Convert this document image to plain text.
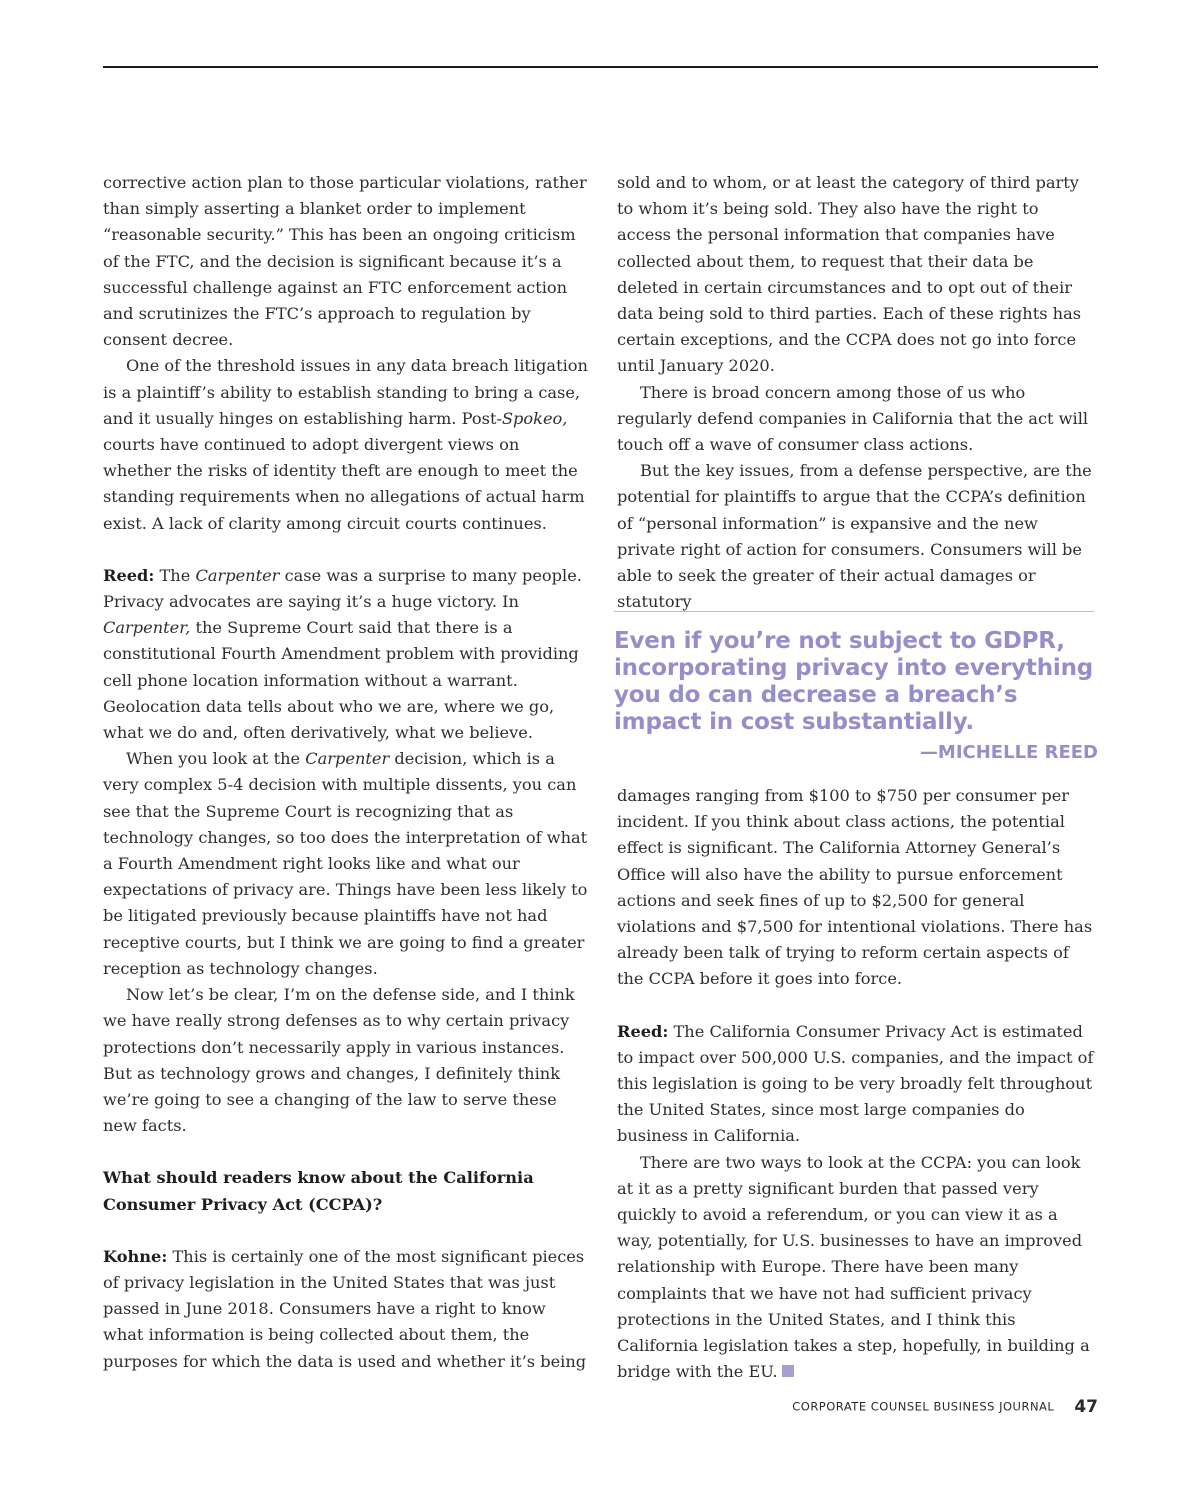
corrective action plan to those particular violations, rather than simply asserting a blanket order to implement “reasonable security.” This has been an ongoing criticism of the FTC, and the decision is significant because it’s a successful challenge against an FTC enforcement action and scrutinizes the FTC’s approach to regulation by consent decree.

One of the threshold issues in any data breach litigation is a plaintiff’s ability to establish standing to bring a case, and it usually hinges on establishing harm. Post-Spokeo, courts have continued to adopt divergent views on whether the risks of identity theft are enough to meet the standing requirements when no allegations of actual harm exist. A lack of clarity among circuit courts continues.

Reed: The Carpenter case was a surprise to many people. Privacy advocates are saying it’s a huge victory. In Carpenter, the Supreme Court said that there is a constitutional Fourth Amendment problem with providing cell phone location information without a warrant. Geolocation data tells about who we are, where we go, what we do and, often derivatively, what we believe.

When you look at the Carpenter decision, which is a very complex 5-4 decision with multiple dissents, you can see that the Supreme Court is recognizing that as technology changes, so too does the interpretation of what a Fourth Amendment right looks like and what our expectations of privacy are. Things have been less likely to be litigated previously because plaintiffs have not had receptive courts, but I think we are going to find a greater reception as technology changes.

Now let’s be clear, I’m on the defense side, and I think we have really strong defenses as to why certain privacy protections don’t necessarily apply in various instances. But as technology grows and changes, I definitely think we’re going to see a changing of the law to serve these new facts.

What should readers know about the California Consumer Privacy Act (CCPA)?

Kohne: This is certainly one of the most significant pieces of privacy legislation in the United States that was just passed in June 2018. Consumers have a right to know what information is being collected about them, the purposes for which the data is used and whether it’s being

sold and to whom, or at least the category of third party to whom it’s being sold. They also have the right to access the personal information that companies have collected about them, to request that their data be deleted in certain circumstances and to opt out of their data being sold to third parties. Each of these rights has certain exceptions, and the CCPA does not go into force until January 2020.

There is broad concern among those of us who regularly defend companies in California that the act will touch off a wave of consumer class actions.

But the key issues, from a defense perspective, are the potential for plaintiffs to argue that the CCPA’s definition of “personal information” is expansive and the new private right of action for consumers. Consumers will be able to seek the greater of their actual damages or statutory

Even if you’re not subject to GDPR, incorporating privacy into everything you do can decrease a breach’s impact in cost substantially.

—MICHELLE REED

damages ranging from $100 to $750 per consumer per incident. If you think about class actions, the potential effect is significant. The California Attorney General’s Office will also have the ability to pursue enforcement actions and seek fines of up to $2,500 for general violations and $7,500 for intentional violations. There has already been talk of trying to reform certain aspects of the CCPA before it goes into force.

Reed: The California Consumer Privacy Act is estimated to impact over 500,000 U.S. companies, and the impact of this legislation is going to be very broadly felt throughout the United States, since most large companies do business in California.

There are two ways to look at the CCPA: you can look at it as a pretty significant burden that passed very quickly to avoid a referendum, or you can view it as a way, potentially, for U.S. businesses to have an improved relationship with Europe. There have been many complaints that we have not had sufficient privacy protections in the United States, and I think this California legislation takes a step, hopefully, in building a bridge with the EU.

CORPORATE COUNSEL BUSINESS JOURNAL 47
